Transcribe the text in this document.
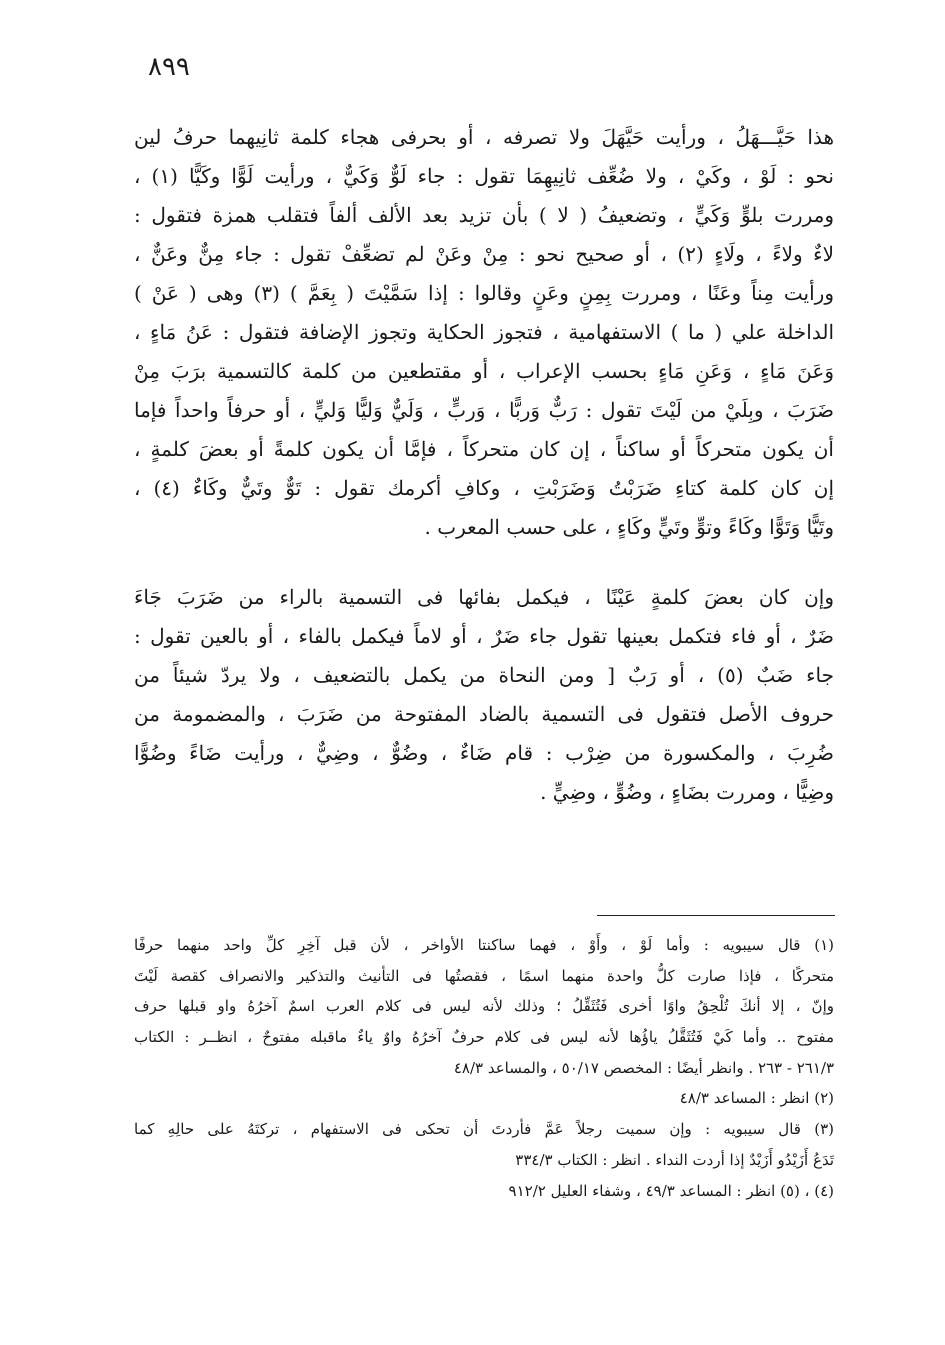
٨٩٩
هذا حَيَّـــهَلُ ، ورأيت حَيَّهَلَ ولا تصرفه ، أو بحرفى هجاء كلمة ثانِيهما حرفُ لين
نحو : لَوْ ، وكَيْ ، ولا ضُعِّف ثانِيهِمَا تقول : جاء لَوٌّ وَكَيٌّ ، ورأيت لَوًّا وكَيًّا (١) ،
ومررت بلوٍّ وَكَيٍّ ، وتضعيفُ ( لا ) بأن تزيد بعد الألف ألفاً فتقلب همزة فتقول :
لاءٌ ولاءً ، ولَاءٍ (٢) ، أو صحيح نحو : مِنْ وعَنْ لم تضعِّفْ تقول : جاء مِنٌّ وعَنٌّ ،
ورأيت مِناً وعَنًا ، ومررت بِمِنٍ وعَنٍ وقالوا : إذا سَمَّيْتَ ( بِعَمَّ ) (٣) وهى ( عَنْ )
الداخلة علي ( ما ) الاستفهامية ، فتجوز الحكاية وتجوز الإضافة فتقول : عَنُ مَاءٍ ،
وَعَنَ مَاءٍ ، وَعَنِ مَاءٍ بحسب الإعراب ، أو مقتطعين من كلمة كالتسمية برَبَ مِنْ
ضَرَبَ ، وبِلَيْ من لَيْتَ تقول : رَبٌّ وَربًّا ، وَربٍّ ، وَلَيٌّ وَليًّا وَليٍّ ، أو حرفاً واحداً فإما
أن يكون متحركاً أو ساكناً ، إن كان متحركاً ، فإمَّا أن يكون كلمةً أو بعضَ كلمةٍ ،
إن كان كلمة كتاءِ ضَرَبْتُ وَضَرَبْتِ ، وكافِ أكرمك تقول : تَوٌّ وتَيٌّ وكَاءٌ (٤) ،
وتَيًّا وَتَوًّا وكَاءً وتوٍّ وتَيٍّ وكَاءٍ ، على حسب المعرب .
وإن كان بعضَ كلمةٍ عَيْنًا ، فيكمل بفائها فى التسمية بالراء من ضَرَبَ جَاءَ
ضَرٌ ، أو فاء فتكمل بعينها تقول جاء ضَرٌ ، أو لاماً فيكمل بالفاء ، أو بالعين تقول :
جاء ضَبٌ (٥) ، أو رَبٌ [ ومن النحاة من يكمل بالتضعيف ، ولا يردّ شيئاً من
حروف الأصل فتقول فى التسمية بالضاد المفتوحة من ضَرَبَ ، والمضمومة من
ضُرِبَ ، والمكسورة من ضِرْب : قام ضَاءٌ ، وضُوٌّ ، وضِيٌّ ، ورأيت ضَاءً وضُوًّا
وضِيًّا ، ومررت بضَاءٍ ، وضُوٍّ ، وضِيٍّ .
(١) قال سيبويه : وأما لَوْ ، وأَوْ ، فهما ساكنتا الأواخر ، لأن قبل آخِرِ كلِّ واحد منهما حرفًا
متحركًا ، فإذا صارت كلُّ واحدة منهما اسمًا ، فقصتُها فى التأنيث والتذكير والانصراف كقصة لَيْتَ
وإنّ ، إلا أنكَ تُلْحِقُ واوًا أخرى فَتُثَقِّلُ ؛ وذلك لأنه ليس فى كلام العرب اسمٌ آخرُهُ واو قبلها حرف
مفتوح .. وأما كَيْ فَتُثَقَّلُ ياؤُها لأنه ليس فى كلام حرفٌ آخرُهُ واوٌ ياءٌ ماقبله مفتوحٌ ، انظــر : الكتاب
٢٦١/٣ - ٢٦٣ . وانظر أيضًا : المخصص ٥٠/١٧ ، والمساعد ٤٨/٣
(٢) انظر : المساعد ٤٨/٣
(٣) قال سيبويه : وإن سميت رجلاً عَمَّ فأردتَ أن تحكى فى الاستفهام ، تركتَهُ على حالِهِ كما
تَدَعُ أَزَيْدُو أَزَيْدٌ إذا أردت النداء . انظر : الكتاب ٣٣٤/٣
(٤) ، (٥) انظر : المساعد ٤٩/٣ ، وشفاء العليل ٩١٢/٢
